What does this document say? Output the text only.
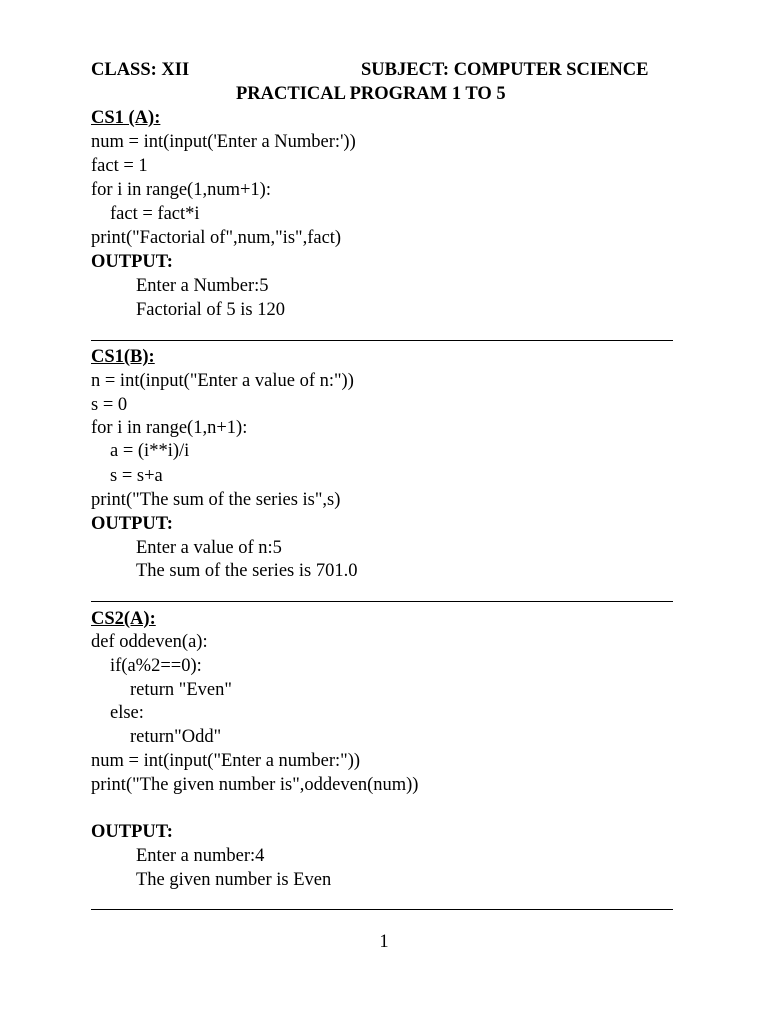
CLASS: XII	SUBJECT: COMPUTER SCIENCE
PRACTICAL PROGRAM 1 TO 5
CS1 (A):
num = int(input('Enter a Number:'))
fact = 1
for i in range(1,num+1):
fact = fact*i
print("Factorial of",num,"is",fact)
OUTPUT:
Enter a Number:5
Factorial of 5 is 120
CS1(B):
n = int(input("Enter a value of n:"))
s = 0
for i in range(1,n+1):
a = (i**i)/i
s = s+a
print("The sum of the series is",s)
OUTPUT:
Enter a value of n:5
The sum of the series is 701.0
CS2(A):
def oddeven(a):
if(a%2==0):
return "Even"
else:
return"Odd"
num = int(input("Enter a number:"))
print("The given number is",oddeven(num))
OUTPUT:
Enter a number:4
The given number is Even
1
